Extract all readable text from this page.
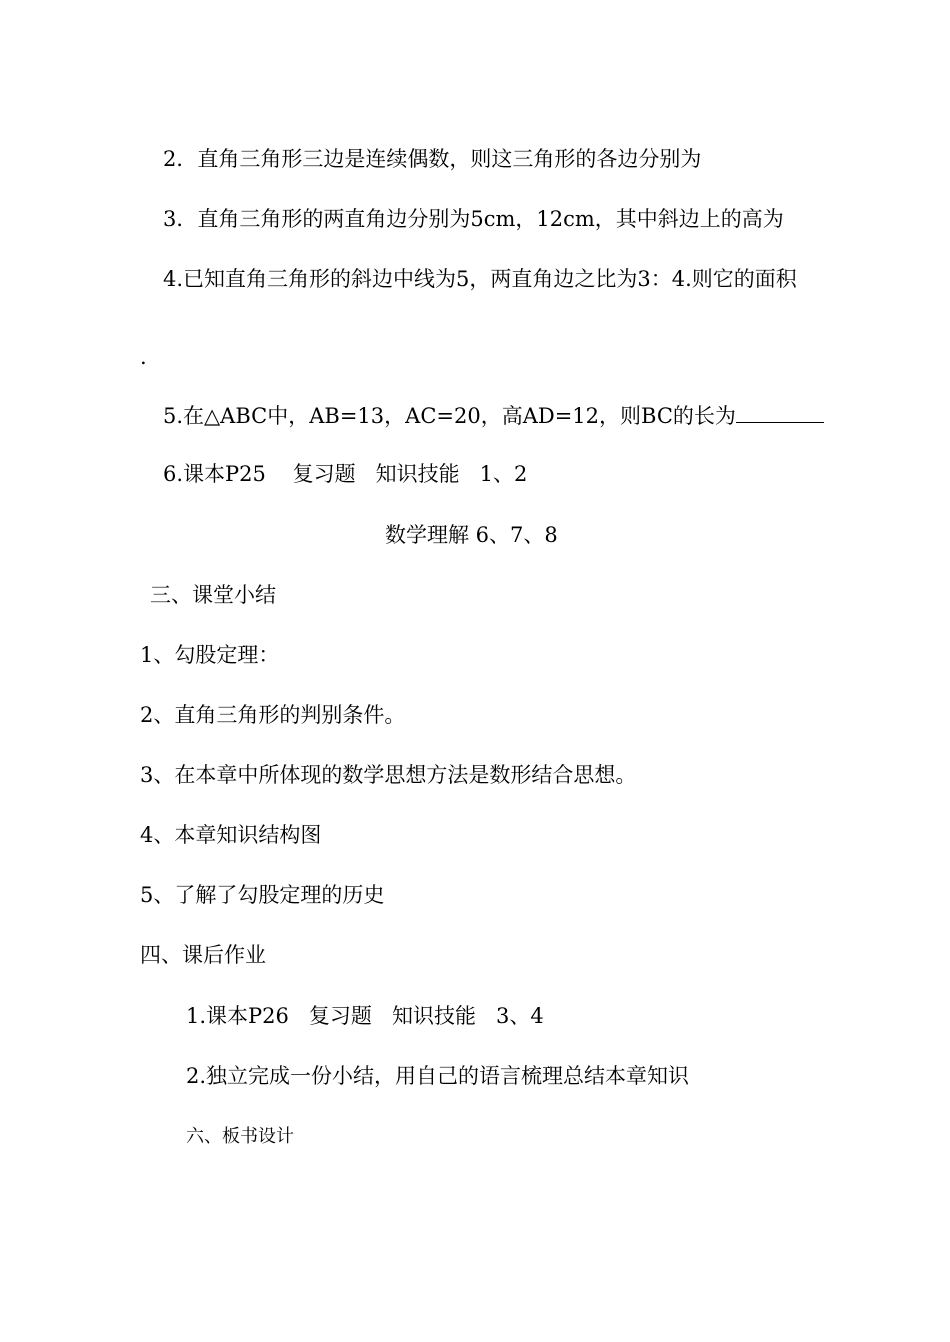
2．直角三角形三边是连续偶数，则这三角形的各边分别为

3．直角三角形的两直角边分别为5cm，12cm，其中斜边上的高为

4.已知直角三角形的斜边中线为5，两直角边之比为3：4.则它的面积

.

5.在△ABC中，AB=13，AC=20，高AD=12，则BC的长为

6.课本P25    复习题   知识技能   1、2

数学理解 6、7、8

三、课堂小结

1、勾股定理：

2、直角三角形的判别条件。

3、在本章中所体现的数学思想方法是数形结合思想。

4、本章知识结构图

5、了解了勾股定理的历史

四、课后作业

1.课本P26   复习题   知识技能   3、4

2.独立完成一份小结，用自己的语言梳理总结本章知识

六、板书设计
